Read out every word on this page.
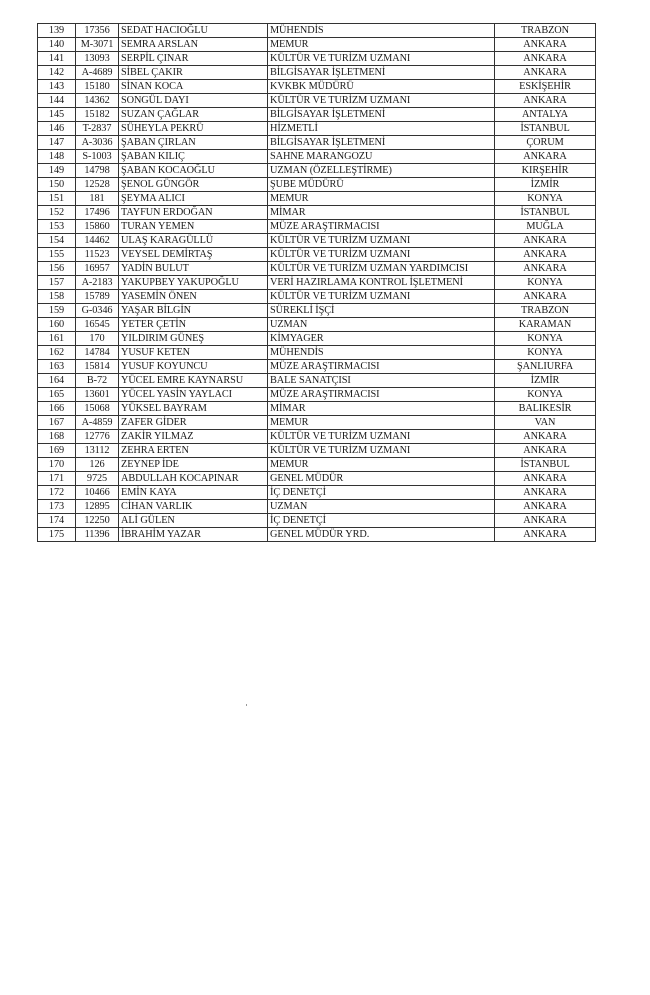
139	17356	SEDAT HACIOĞLU	MÜHENDİS	TRABZON
140	M-3071	SEMRA ARSLAN	MEMUR	ANKARA
141	13093	SERPİL ÇINAR	KÜLTÜR VE TURİZM UZMANI	ANKARA
142	A-4689	SİBEL ÇAKIR	BİLGİSAYAR İŞLETMENİ	ANKARA
143	15180	SİNAN KOCA	KVKBK MÜDÜRÜ	ESKİŞEHİR
144	14362	SONGÜL DAYI	KÜLTÜR VE TURİZM UZMANI	ANKARA
145	15182	SUZAN ÇAĞLAR	BİLGİSAYAR İŞLETMENİ	ANTALYA
146	T-2837	SÜHEYLA PEKRÜ	HİZMETLİ	İSTANBUL
147	A-3036	ŞABAN ÇIRLAN	BİLGİSAYAR İŞLETMENİ	ÇORUM
148	S-1003	ŞABAN KILIÇ	SAHNE MARANGOZU	ANKARA
149	14798	ŞABAN KOCAOĞLU	UZMAN (ÖZELLEŞTİRME)	KIRŞEHİR
150	12528	ŞENOL GÜNGÖR	ŞUBE MÜDÜRÜ	İZMİR
151	181	ŞEYMA ALICI	MEMUR	KONYA
152	17496	TAYFUN ERDOĞAN	MİMAR	İSTANBUL
153	15860	TURAN YEMEN	MÜZE ARAŞTIRMACISI	MUĞLA
154	14462	ULAŞ KARAGÜLLÜ	KÜLTÜR VE TURİZM UZMANI	ANKARA
155	11523	VEYSEL DEMİRTAŞ	KÜLTÜR VE TURİZM UZMANI	ANKARA
156	16957	YADİN BULUT	KÜLTÜR VE TURİZM UZMAN YARDIMCISI	ANKARA
157	A-2183	YAKUPBEY YAKUPOĞLU	VERİ HAZIRLAMA KONTROL İŞLETMENİ	KONYA
158	15789	YASEMİN ÖNEN	KÜLTÜR VE TURİZM UZMANI	ANKARA
159	G-0346	YAŞAR BİLGİN	SÜREKLİ İŞÇİ	TRABZON
160	16545	YETER ÇETİN	UZMAN	KARAMAN
161	170	YILDIRIM GÜNEŞ	KİMYAGER	KONYA
162	14784	YUSUF KETEN	MÜHENDİS	KONYA
163	15814	YUSUF KOYUNCU	MÜZE ARAŞTIRMACISI	ŞANLIURFA
164	B-72	YÜCEL EMRE KAYNARSU	BALE SANATÇISI	İZMİR
165	13601	YÜCEL YASİN YAYLACI	MÜZE ARAŞTIRMACISI	KONYA
166	15068	YÜKSEL BAYRAM	MİMAR	BALIKESİR
167	A-4859	ZAFER GİDER	MEMUR	VAN
168	12776	ZAKİR YILMAZ	KÜLTÜR VE TURİZM UZMANI	ANKARA
169	13112	ZEHRA ERTEN	KÜLTÜR VE TURİZM UZMANI	ANKARA
170	126	ZEYNEP İDE	MEMUR	İSTANBUL
171	9725	ABDULLAH KOCAPINAR	GENEL MÜDÜR	ANKARA
172	10466	EMİN KAYA	İÇ DENETÇİ	ANKARA
173	12895	CİHAN VARLIK	UZMAN	ANKARA
174	12250	ALİ GÜLEN	İÇ DENETÇİ	ANKARA
175	11396	İBRAHİM YAZAR	GENEL MÜDÜR YRD.	ANKARA
